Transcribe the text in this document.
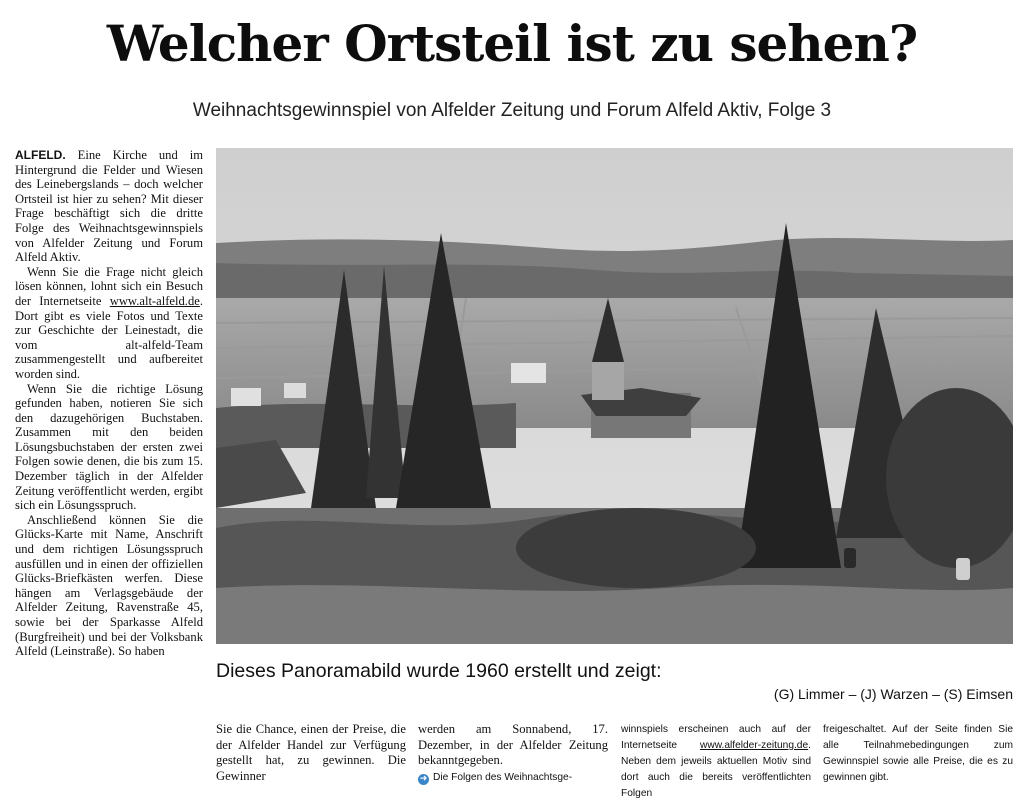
Welcher Ortsteil ist zu sehen?
Weihnachtsgewinnspiel von Alfelder Zeitung und Forum Alfeld Aktiv, Folge 3

ALFELD. Eine Kirche und im Hintergrund die Felder und Wiesen des Leinebergslands – doch welcher Ortsteil ist hier zu sehen? Mit dieser Frage beschäftigt sich die dritte Folge des Weihnachtsgewinnspiels von Alfelder Zeitung und Forum Alfeld Aktiv.

Wenn Sie die Frage nicht gleich lösen können, lohnt sich ein Besuch der Internetseite www.alt-alfeld.de. Dort gibt es viele Fotos und Texte zur Geschichte der Leinestadt, die vom alt-alfeld-Team zusammengestellt und aufbereitet worden sind.

Wenn Sie die richtige Lösung gefunden haben, notieren Sie sich den dazugehörigen Buchstaben. Zusammen mit den beiden Lösungsbuchstaben der ersten zwei Folgen sowie denen, die bis zum 15. Dezember täglich in der Alfelder Zeitung veröffentlicht werden, ergibt sich ein Lösungsspruch.

Anschließend können Sie die Glücks-Karte mit Name, Anschrift und dem richtigen Lösungsspruch ausfüllen und in einen der offiziellen Glücks-Briefkästen werfen. Diese hängen am Verlagsgebäude der Alfelder Zeitung, Ravenstraße 45, sowie bei der Sparkasse Alfeld (Burgfreiheit) und bei der Volksbank Alfeld (Leinstraße). So haben

Dieses Panoramabild wurde 1960 erstellt und zeigt:
(G) Limmer – (J) Warzen – (S) Eimsen
Sie die Chance, einen der Preise, die der Alfelder Handel zur Verfügung gestellt hat, zu gewinnen. Die Gewinner
werden am Sonnabend, 17. Dezember, in der Alfelder Zeitung bekanntgegeben.
➜ Die Folgen des Weihnachtsge-
winnspiels erscheinen auch auf der Internetseite www.alfelder-zeitung.de. Neben dem jeweils aktuellen Motiv sind dort auch die bereits veröffentlichten Folgen
freigeschaltet. Auf der Seite finden Sie alle Teilnahmebedingungen zum Gewinnspiel sowie alle Preise, die es zu gewinnen gibt.
